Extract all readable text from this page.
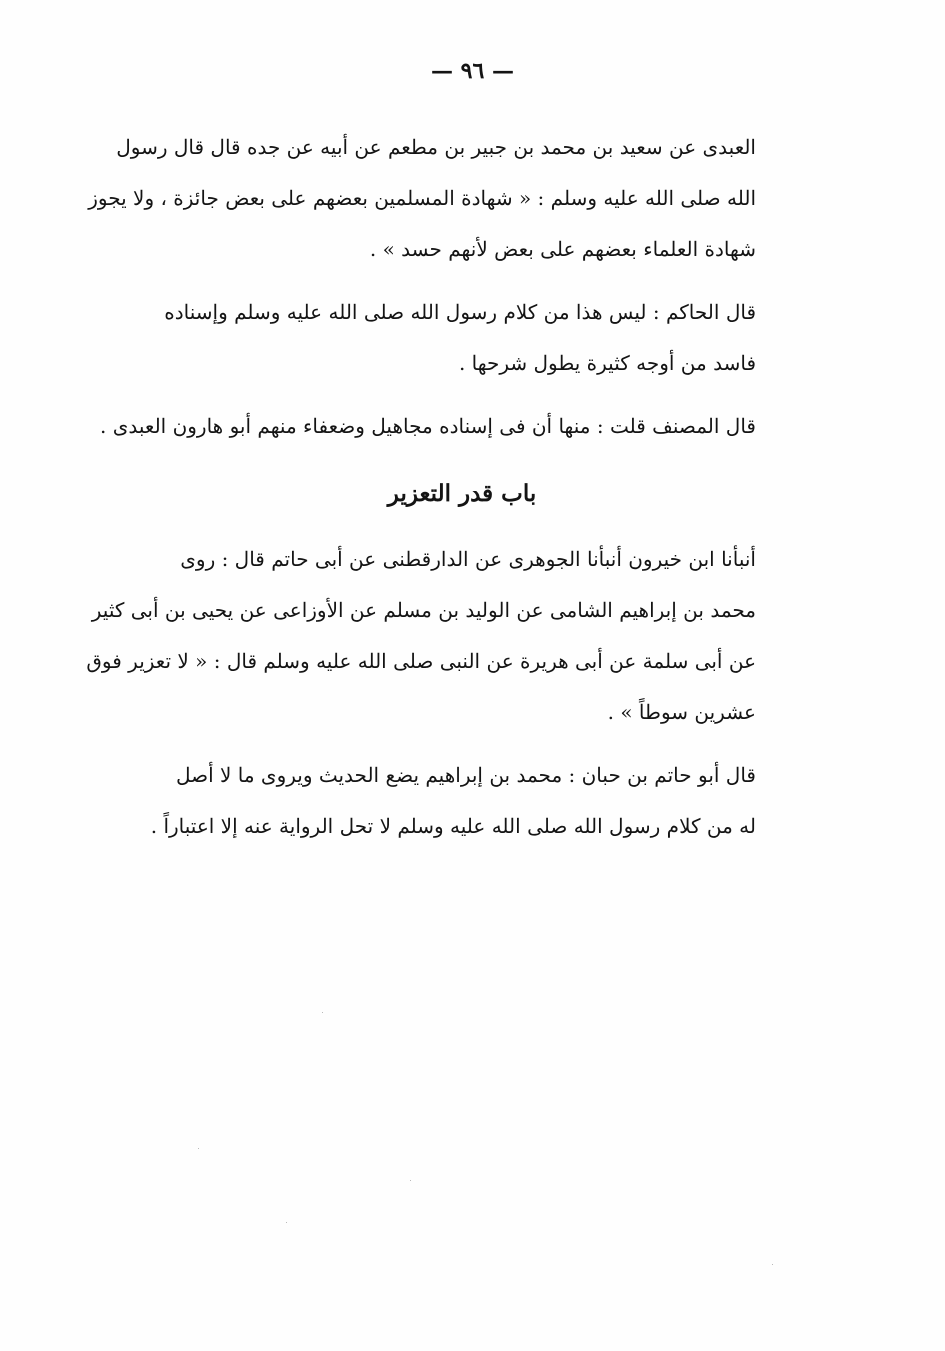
— ٩٦ —

العبدى عن سعيد بن محمد بن جبير بن مطعم عن أبيه عن جده قال قال رسول
الله صلى الله عليه وسلم : « شهادة المسلمين بعضهم على بعض جائزة ، ولا يجوز
شهادة العلماء بعضهم على بعض لأنهم حسد » .

قال الحاكم : ليس هذا من كلام رسول الله صلى الله عليه وسلم وإسناده
فاسد من أوجه كثيرة يطول شرحها .

قال المصنف قلت : منها أن فى إسناده مجاهيل وضعفاء منهم أبو هارون العبدى .

باب قدر التعزير

أنبأنا ابن خيرون أنبأنا الجوهرى عن الدارقطنى عن أبى حاتم قال : روى
محمد بن إبراهيم الشامى عن الوليد بن مسلم عن الأوزاعى عن يحيى بن أبى كثير
عن أبى سلمة عن أبى هريرة عن النبى صلى الله عليه وسلم قال : « لا تعزير فوق
عشرين سوطاً » .

قال أبو حاتم بن حبان : محمد بن إبراهيم يضع الحديث ويروى ما لا أصل
له من كلام رسول الله صلى الله عليه وسلم لا تحل الرواية عنه إلا اعتباراً .
